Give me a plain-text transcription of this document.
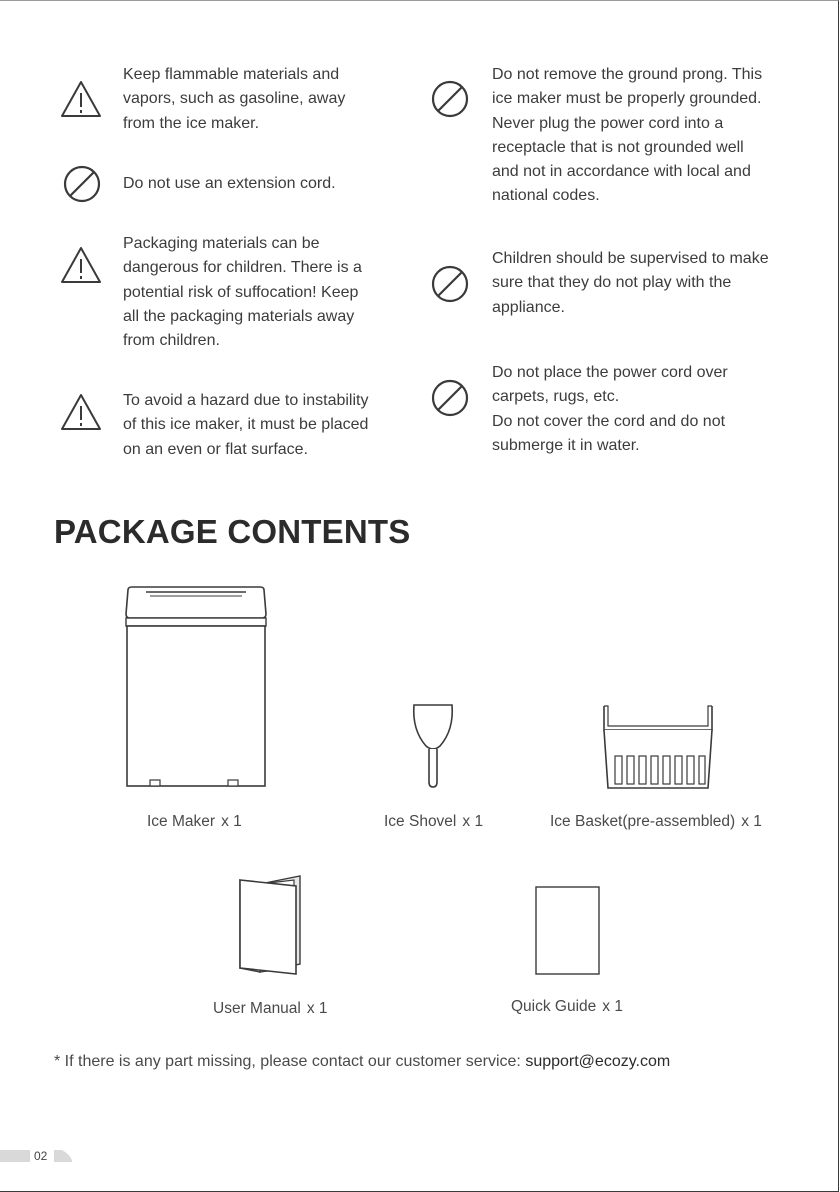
Keep flammable materials and
vapors, such as gasoline, away
from the ice maker.
Do not use an extension cord.
Packaging materials can be
dangerous for children. There is a
potential risk of suffocation! Keep
all the packaging materials away
from children.
To avoid a hazard due to instability
of this ice maker, it must be placed
on an even or flat surface.
Do not remove the ground prong. This
ice maker must be properly grounded.
Never plug the power cord into a
receptacle that is not grounded well
and not in accordance with local and
national codes.
Children should be supervised to make
sure that they do not play with the
appliance.
Do not place the power cord over
carpets, rugs, etc.
Do not cover the cord and do not
submerge it in water.
PACKAGE CONTENTS
Ice Maker x 1	Ice Shovel x 1	Ice Basket(pre-assembled) x 1
User Manual x 1	Quick Guide x 1
* If there is any part missing, please contact our customer service: support@ecozy.com
02
